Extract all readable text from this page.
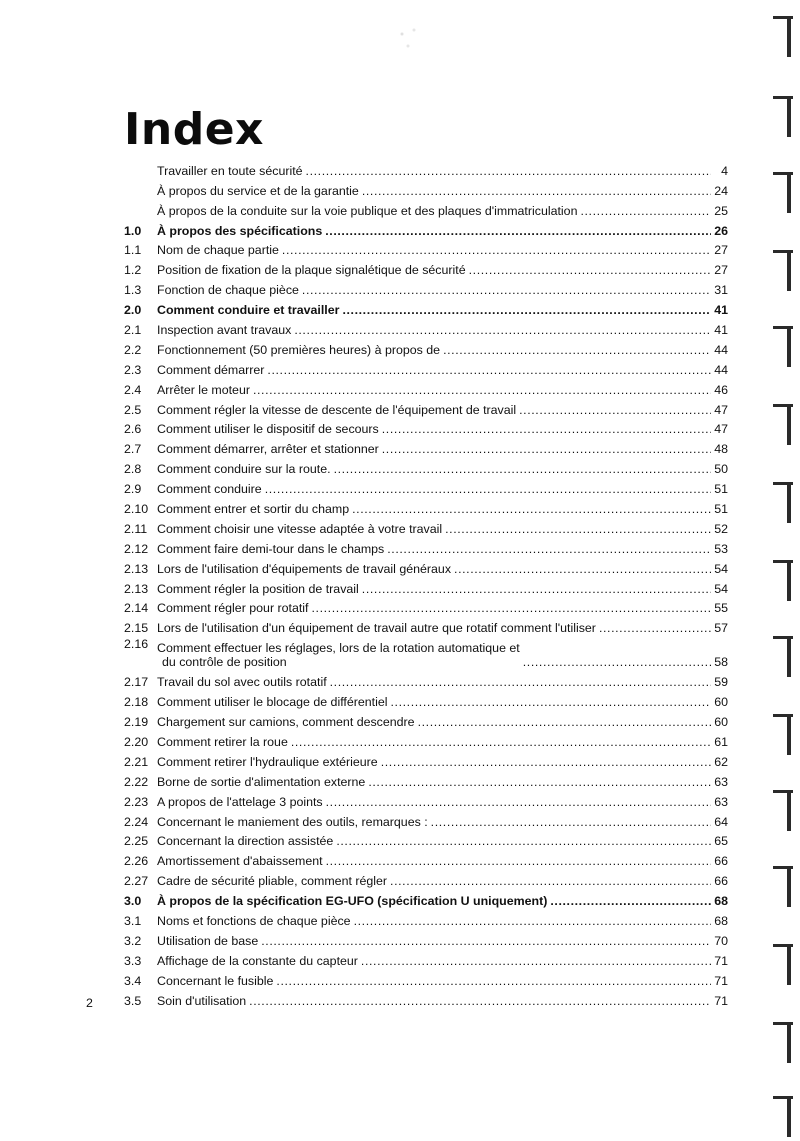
Index
Travailler en toute sécurité .....	4
À propos du service et de la garantie .....	24
À propos de la conduite sur la voie publique et des plaques d'immatriculation .....	25
1.0	À propos des spécifications .....	26
1.1	Nom de chaque partie .....	27
1.2	Position de fixation de la plaque signalétique de sécurité .....	27
1.3	Fonction de chaque pièce .....	31
2.0	Comment conduire et travailler .....	41
2.1	Inspection avant travaux .....	41
2.2	Fonctionnement (50 premières heures) à propos de .....	44
2.3	Comment démarrer .....	44
2.4	Arrêter le moteur .....	46
2.5	Comment régler la vitesse de descente de l'équipement de travail .....	47
2.6	Comment utiliser le dispositif de secours .....	47
2.7	Comment démarrer, arrêter et stationner .....	48
2.8	Comment conduire sur la route. .....	50
2.9	Comment conduire .....	51
2.10 Comment entrer et sortir du champ .....	51
2.11 Comment choisir une vitesse adaptée à votre travail .....	52
2.12 Comment faire demi-tour dans le champs .....	53
2.13 Lors de l'utilisation d'équipements de travail généraux .....	54
2.13 Comment régler la position de travail .....	54
2.14 Comment régler pour rotatif .....	55
2.15 Lors de l'utilisation d'un équipement de travail autre que rotatif comment l'utiliser .....	57
2.16 Comment effectuer les réglages, lors de la rotation automatique et
du contrôle de position .....	58
2.17 Travail du sol avec outils rotatif .....	59
2.18 Comment utiliser le blocage de différentiel .....	60
2.19 Chargement sur camions, comment descendre .....	60
2.20 Comment retirer la roue .....	61
2.21 Comment retirer l'hydraulique extérieure .....	62
2.22 Borne de sortie d'alimentation externe .....	63
2.23 A propos de l'attelage 3 points .....	63
2.24 Concernant le maniement des outils, remarques : .....	64
2.25 Concernant la direction assistée .....	65
2.26 Amortissement d'abaissement .....	66
2.27 Cadre de sécurité pliable, comment régler .....	66
3.0	À propos de la spécification EG-UFO (spécification U uniquement) .....	68
3.1	Noms et fonctions de chaque pièce .....	68
3.2	Utilisation de base .....	70
3.3	Affichage de la constante du capteur .....	71
3.4	Concernant le fusible .....	71
3.5	Soin d'utilisation .....	71
2
